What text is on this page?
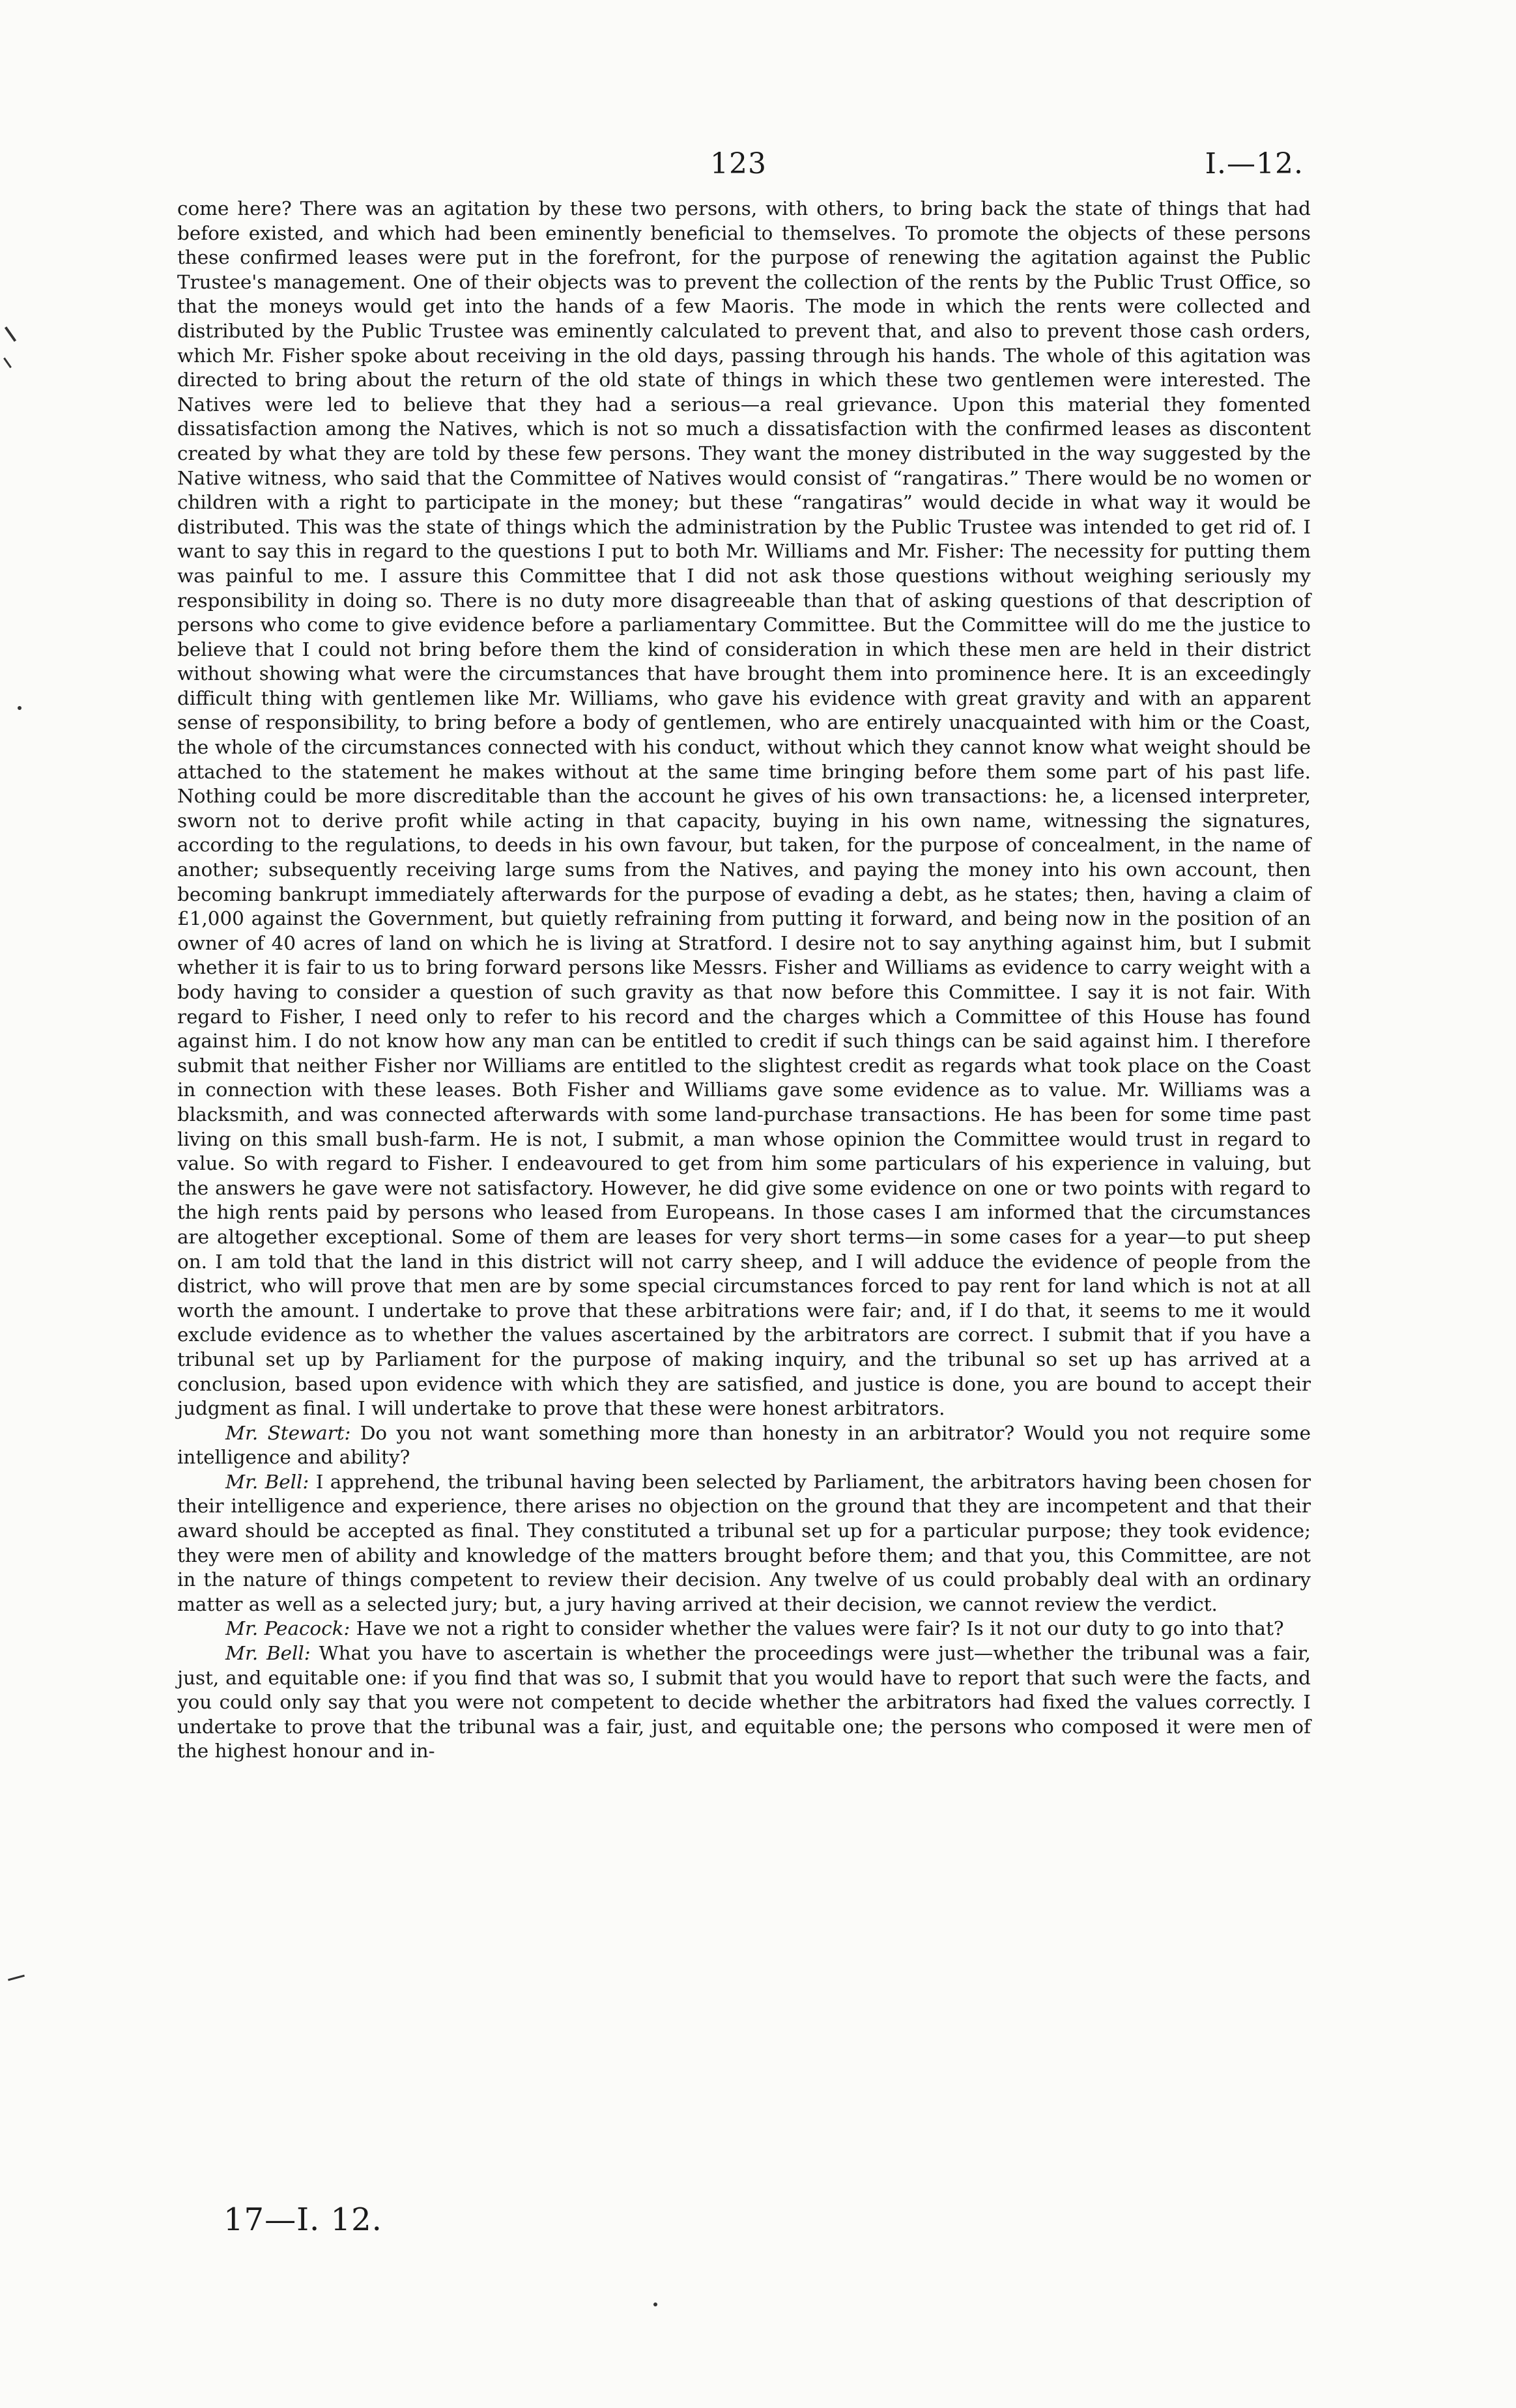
123	I.—12.

come here? There was an agitation by these two persons, with others, to bring back the state of things that had before existed, and which had been eminently beneficial to themselves. To promote the objects of these persons these confirmed leases were put in the forefront, for the purpose of renewing the agitation against the Public Trustee's management. One of their objects was to prevent the collection of the rents by the Public Trust Office, so that the moneys would get into the hands of a few Maoris. The mode in which the rents were collected and distributed by the Public Trustee was eminently calculated to prevent that, and also to prevent those cash orders, which Mr. Fisher spoke about receiving in the old days, passing through his hands. The whole of this agitation was directed to bring about the return of the old state of things in which these two gentlemen were interested. The Natives were led to believe that they had a serious—a real grievance. Upon this material they fomented dissatisfaction among the Natives, which is not so much a dissatisfaction with the confirmed leases as discontent created by what they are told by these few persons. They want the money distributed in the way suggested by the Native witness, who said that the Committee of Natives would consist of “rangatiras.” There would be no women or children with a right to participate in the money; but these “rangatiras” would decide in what way it would be distributed. This was the state of things which the administration by the Public Trustee was intended to get rid of. I want to say this in regard to the questions I put to both Mr. Williams and Mr. Fisher: The necessity for putting them was painful to me. I assure this Committee that I did not ask those questions without weighing seriously my responsibility in doing so. There is no duty more disagreeable than that of asking questions of that description of persons who come to give evidence before a parliamentary Committee. But the Committee will do me the justice to believe that I could not bring before them the kind of consideration in which these men are held in their district without showing what were the circumstances that have brought them into prominence here. It is an exceedingly difficult thing with gentlemen like Mr. Williams, who gave his evidence with great gravity and with an apparent sense of responsibility, to bring before a body of gentlemen, who are entirely unacquainted with him or the Coast, the whole of the circumstances connected with his conduct, without which they cannot know what weight should be attached to the statement he makes without at the same time bringing before them some part of his past life. Nothing could be more discreditable than the account he gives of his own transactions: he, a licensed interpreter, sworn not to derive profit while acting in that capacity, buying in his own name, witnessing the signatures, according to the regulations, to deeds in his own favour, but taken, for the purpose of concealment, in the name of another; subsequently receiving large sums from the Natives, and paying the money into his own account, then becoming bankrupt immediately afterwards for the purpose of evading a debt, as he states; then, having a claim of £1,000 against the Government, but quietly refraining from putting it forward, and being now in the position of an owner of 40 acres of land on which he is living at Stratford. I desire not to say anything against him, but I submit whether it is fair to us to bring forward persons like Messrs. Fisher and Williams as evidence to carry weight with a body having to consider a question of such gravity as that now before this Committee. I say it is not fair. With regard to Fisher, I need only to refer to his record and the charges which a Committee of this House has found against him. I do not know how any man can be entitled to credit if such things can be said against him. I therefore submit that neither Fisher nor Williams are entitled to the slightest credit as regards what took place on the Coast in connection with these leases. Both Fisher and Williams gave some evidence as to value. Mr. Williams was a blacksmith, and was connected afterwards with some land-purchase transactions. He has been for some time past living on this small bush-farm. He is not, I submit, a man whose opinion the Committee would trust in regard to value. So with regard to Fisher. I endeavoured to get from him some particulars of his experience in valuing, but the answers he gave were not satisfactory. However, he did give some evidence on one or two points with regard to the high rents paid by persons who leased from Europeans. In those cases I am informed that the circumstances are altogether exceptional. Some of them are leases for very short terms—in some cases for a year—to put sheep on. I am told that the land in this district will not carry sheep, and I will adduce the evidence of people from the district, who will prove that men are by some special circumstances forced to pay rent for land which is not at all worth the amount. I undertake to prove that these arbitrations were fair; and, if I do that, it seems to me it would exclude evidence as to whether the values ascertained by the arbitrators are correct. I submit that if you have a tribunal set up by Parliament for the purpose of making inquiry, and the tribunal so set up has arrived at a conclusion, based upon evidence with which they are satisfied, and justice is done, you are bound to accept their judgment as final. I will undertake to prove that these were honest arbitrators.

Mr. Stewart: Do you not want something more than honesty in an arbitrator? Would you not require some intelligence and ability?

Mr. Bell: I apprehend, the tribunal having been selected by Parliament, the arbitrators having been chosen for their intelligence and experience, there arises no objection on the ground that they are incompetent and that their award should be accepted as final. They constituted a tribunal set up for a particular purpose; they took evidence; they were men of ability and knowledge of the matters brought before them; and that you, this Committee, are not in the nature of things competent to review their decision. Any twelve of us could probably deal with an ordinary matter as well as a selected jury; but, a jury having arrived at their decision, we cannot review the verdict.

Mr. Peacock: Have we not a right to consider whether the values were fair? Is it not our duty to go into that?

Mr. Bell: What you have to ascertain is whether the proceedings were just—whether the tribunal was a fair, just, and equitable one: if you find that was so, I submit that you would have to report that such were the facts, and you could only say that you were not competent to decide whether the arbitrators had fixed the values correctly. I undertake to prove that the tribunal was a fair, just, and equitable one; the persons who composed it were men of the highest honour and in-

17—I. 12.
